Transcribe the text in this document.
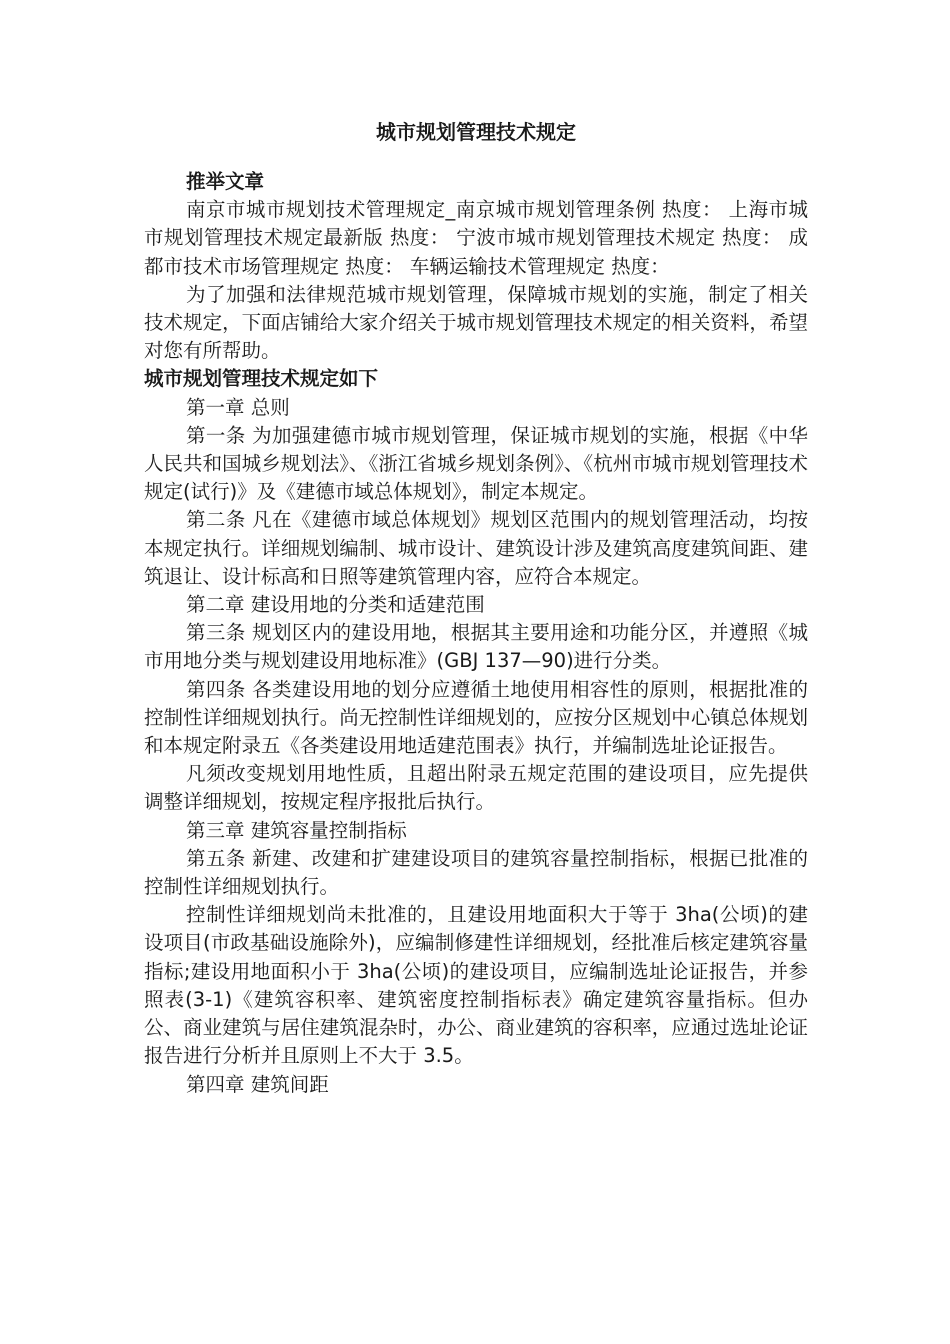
城市规划管理技术规定

推举文章

南京市城市规划技术管理规定_南京城市规划管理条例 热度： 上海市城市规划管理技术规定最新版 热度： 宁波市城市规划管理技术规定 热度： 成都市技术市场管理规定 热度： 车辆运输技术管理规定 热度：

为了加强和法律规范城市规划管理，保障城市规划的实施，制定了相关技术规定，下面店铺给大家介绍关于城市规划管理技术规定的相关资料，希望对您有所帮助。

城市规划管理技术规定如下

第一章 总则

第一条 为加强建德市城市规划管理，保证城市规划的实施，根据《中华人民共和国城乡规划法》、《浙江省城乡规划条例》、《杭州市城市规划管理技术规定(试行)》及《建德市域总体规划》，制定本规定。

第二条 凡在《建德市域总体规划》规划区范围内的规划管理活动，均按本规定执行。详细规划编制、城市设计、建筑设计涉及建筑高度建筑间距、建筑退让、设计标高和日照等建筑管理内容，应符合本规定。

第二章 建设用地的分类和适建范围

第三条 规划区内的建设用地，根据其主要用途和功能分区，并遵照《城市用地分类与规划建设用地标准》(GBJ 137—90)进行分类。

第四条 各类建设用地的划分应遵循土地使用相容性的原则，根据批准的控制性详细规划执行。尚无控制性详细规划的，应按分区规划中心镇总体规划和本规定附录五《各类建设用地适建范围表》执行，并编制选址论证报告。

凡须改变规划用地性质，且超出附录五规定范围的建设项目，应先提供调整详细规划，按规定程序报批后执行。

第三章 建筑容量控制指标

第五条 新建、改建和扩建建设项目的建筑容量控制指标，根据已批准的控制性详细规划执行。

控制性详细规划尚未批准的，且建设用地面积大于等于 3ha(公顷)的建设项目(市政基础设施除外)，应编制修建性详细规划，经批准后核定建筑容量指标;建设用地面积小于 3ha(公顷)的建设项目，应编制选址论证报告，并参照表(3-1)《建筑容积率、建筑密度控制指标表》确定建筑容量指标。但办公、商业建筑与居住建筑混杂时，办公、商业建筑的容积率，应通过选址论证报告进行分析并且原则上不大于 3.5。

第四章 建筑间距
